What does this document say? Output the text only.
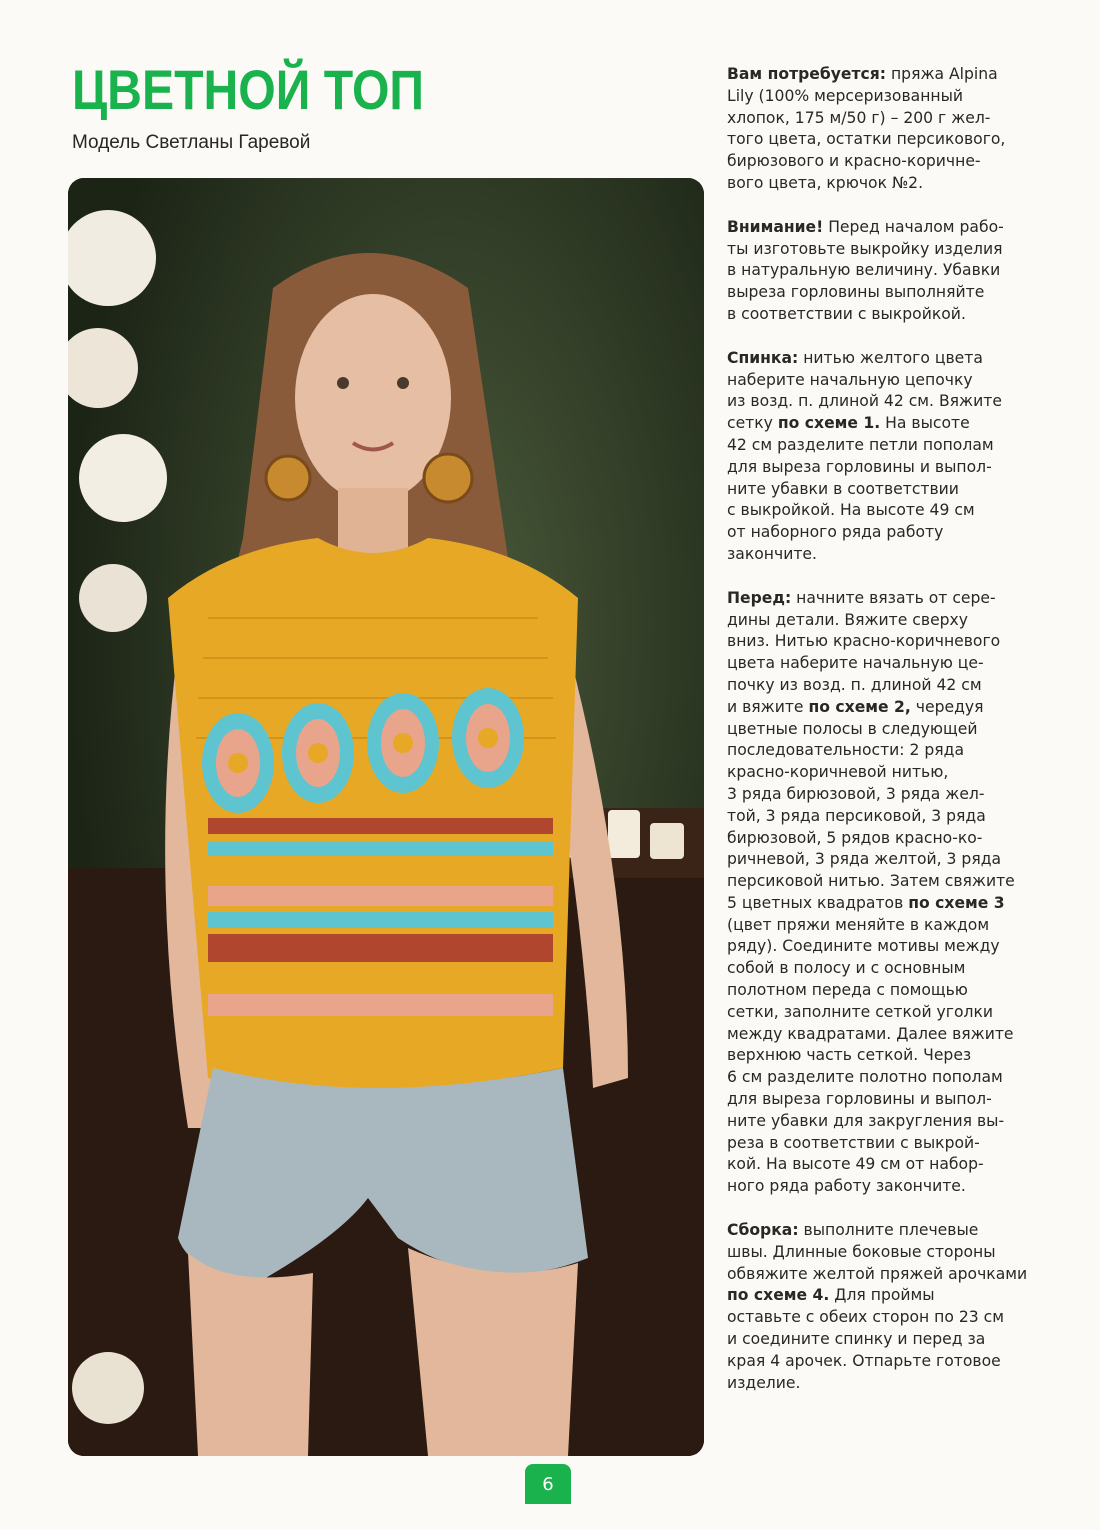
ЦВЕТНОЙ ТОП
Модель Светланы Гаревой

Вам потребуется: пряжа Alpina
Lily (100% мерсеризованный
хлопок, 175 м/50 г) – 200 г жел-
того цвета, остатки персикового,
бирюзового и красно-коричне-
вого цвета, крючок №2.

Внимание! Перед началом рабо-
ты изготовьте выкройку изделия
в натуральную величину. Убавки
выреза горловины выполняйте
в соответствии с выкройкой.

Спинка: нитью желтого цвета
наберите начальную цепочку
из возд. п. длиной 42 см. Вяжите
сетку по схеме 1. На высоте
42 см разделите петли пополам
для выреза горловины и выпол-
ните убавки в соответствии
с выкройкой. На высоте 49 см
от наборного ряда работу
закончите.

Перед: начните вязать от сере-
дины детали. Вяжите сверху
вниз. Нитью красно-коричневого
цвета наберите начальную це-
почку из возд. п. длиной 42 см
и вяжите по схеме 2, чередуя
цветные полосы в следующей
последовательности: 2 ряда
красно-коричневой нитью,
3 ряда бирюзовой, 3 ряда жел-
той, 3 ряда персиковой, 3 ряда
бирюзовой, 5 рядов красно-ко-
ричневой, 3 ряда желтой, 3 ряда
персиковой нитью. Затем свяжите
5 цветных квадратов по схеме 3
(цвет пряжи меняйте в каждом
ряду). Соедините мотивы между
собой в полосу и с основным
полотном переда с помощью
сетки, заполните сеткой уголки
между квадратами. Далее вяжите
верхнюю часть сеткой. Через
6 см разделите полотно пополам
для выреза горловины и выпол-
ните убавки для закругления вы-
реза в соответствии с выкрой-
кой. На высоте 49 см от набор-
ного ряда работу закончите.

Сборка: выполните плечевые
швы. Длинные боковые стороны
обвяжите желтой пряжей арочками по схеме 4. Для проймы
оставьте с обеих сторон по 23 см
и соедините спинку и перед за
края 4 арочек. Отпарьте готовое
изделие.

6
